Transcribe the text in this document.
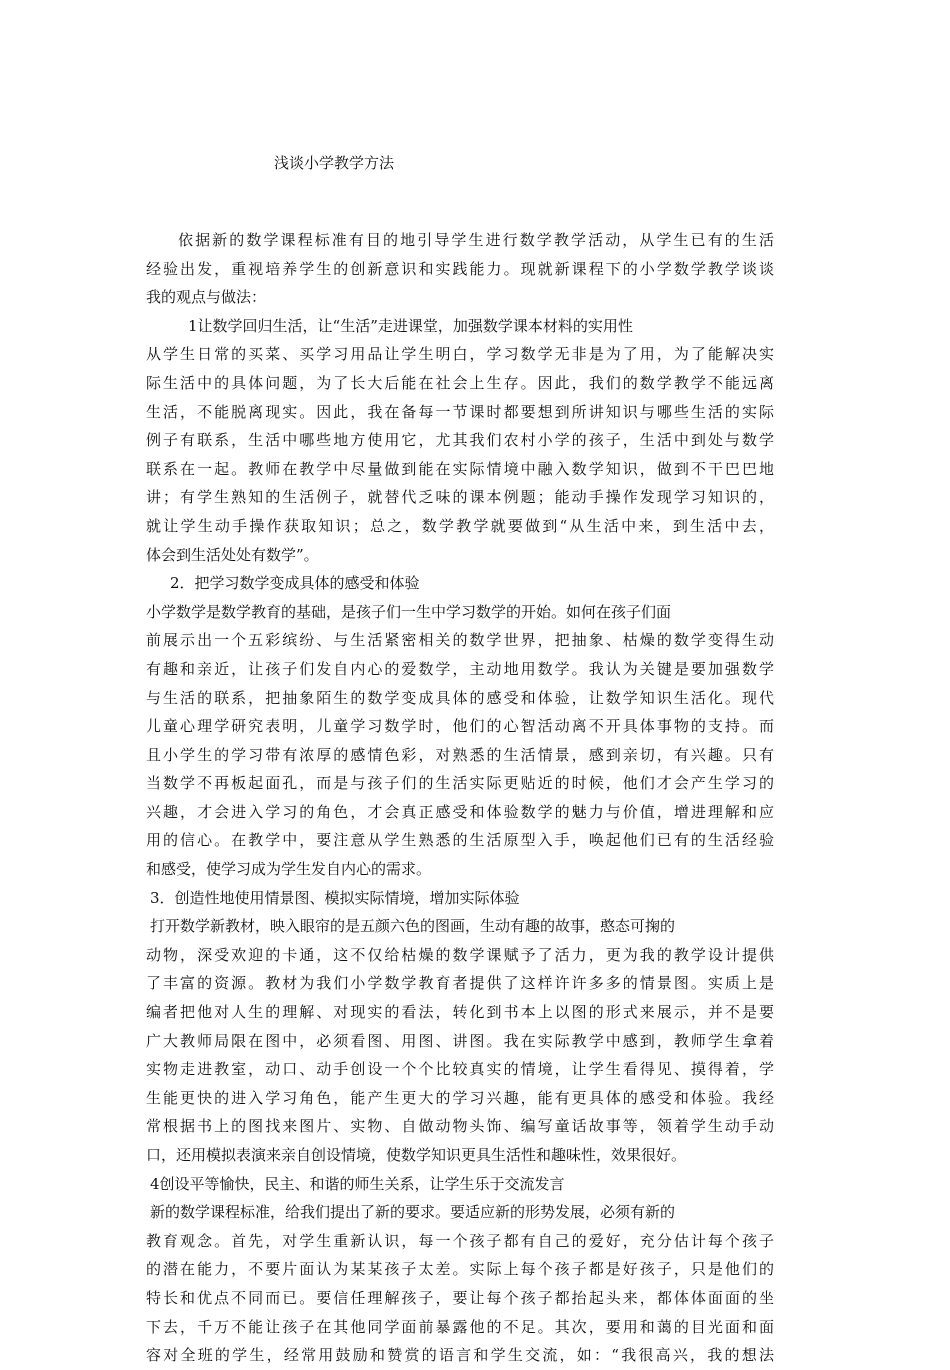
浅谈小学教学方法
依据新的数学课程标准有目的地引导学生进行数学教学活动，从学生已有的生活
经验出发，重视培养学生的创新意识和实践能力。现就新课程下的小学数学教学谈谈
我的观点与做法：
1让数学回归生活，让“生活”走进课堂，加强数学课本材料的实用性
从学生日常的买菜、买学习用品让学生明白，学习数学无非是为了用，为了能解决实
际生活中的具体问题，为了长大后能在社会上生存。因此，我们的数学教学不能远离
生活，不能脱离现实。因此，我在备每一节课时都要想到所讲知识与哪些生活的实际
例子有联系，生活中哪些地方使用它，尤其我们农村小学的孩子，生活中到处与数学
联系在一起。教师在教学中尽量做到能在实际情境中融入数学知识，做到不干巴巴地
讲；有学生熟知的生活例子，就替代乏味的课本例题；能动手操作发现学习知识的，
就让学生动手操作获取知识；总之，数学教学就要做到“从生活中来，到生活中去，
体会到生活处处有数学”。
2．把学习数学变成具体的感受和体验
小学数学是数学教育的基础，是孩子们一生中学习数学的开始。如何在孩子们面
前展示出一个五彩缤纷、与生活紧密相关的数学世界，把抽象、枯燥的数学变得生动
有趣和亲近，让孩子们发自内心的爱数学，主动地用数学。我认为关键是要加强数学
与生活的联系，把抽象陌生的数学变成具体的感受和体验，让数学知识生活化。现代
儿童心理学研究表明，儿童学习数学时，他们的心智活动离不开具体事物的支持。而
且小学生的学习带有浓厚的感情色彩，对熟悉的生活情景，感到亲切，有兴趣。只有
当数学不再板起面孔，而是与孩子们的生活实际更贴近的时候，他们才会产生学习的
兴趣，才会进入学习的角色，才会真正感受和体验数学的魅力与价值，增进理解和应
用的信心。在教学中，要注意从学生熟悉的生活原型入手，唤起他们已有的生活经验
和感受，使学习成为学生发自内心的需求。
3．创造性地使用情景图、模拟实际情境，增加实际体验
打开数学新教材，映入眼帘的是五颜六色的图画，生动有趣的故事，憨态可掬的
动物，深受欢迎的卡通，这不仅给枯燥的数学课赋予了活力，更为我的教学设计提供
了丰富的资源。教材为我们小学数学教育者提供了这样许许多多的情景图。实质上是
编者把他对人生的理解、对现实的看法，转化到书本上以图的形式来展示，并不是要
广大教师局限在图中，必须看图、用图、讲图。我在实际教学中感到，教师学生拿着
实物走进教室，动口、动手创设一个个比较真实的情境，让学生看得见、摸得着，学
生能更快的进入学习角色，能产生更大的学习兴趣，能有更具体的感受和体验。我经
常根据书上的图找来图片、实物、自做动物头饰、编写童话故事等，领着学生动手动
口，还用模拟表演来亲自创设情境，使数学知识更具生活性和趣味性，效果很好。
4创设平等愉快，民主、和谐的师生关系，让学生乐于交流发言
新的数学课程标准，给我们提出了新的要求。要适应新的形势发展，必须有新的
教育观念。首先，对学生重新认识，每一个孩子都有自己的爱好，充分估计每个孩子
的潜在能力，不要片面认为某某孩子太差。实际上每个孩子都是好孩子，只是他们的
特长和优点不同而已。要信任理解孩子，要让每个孩子都抬起头来，都体体面面的坐
下去，千万不能让孩子在其他同学面前暴露他的不足。其次，要用和蔼的目光面和面
容对全班的学生，经常用鼓励和赞赏的语言和学生交流，如：“我很高兴，我的想法
